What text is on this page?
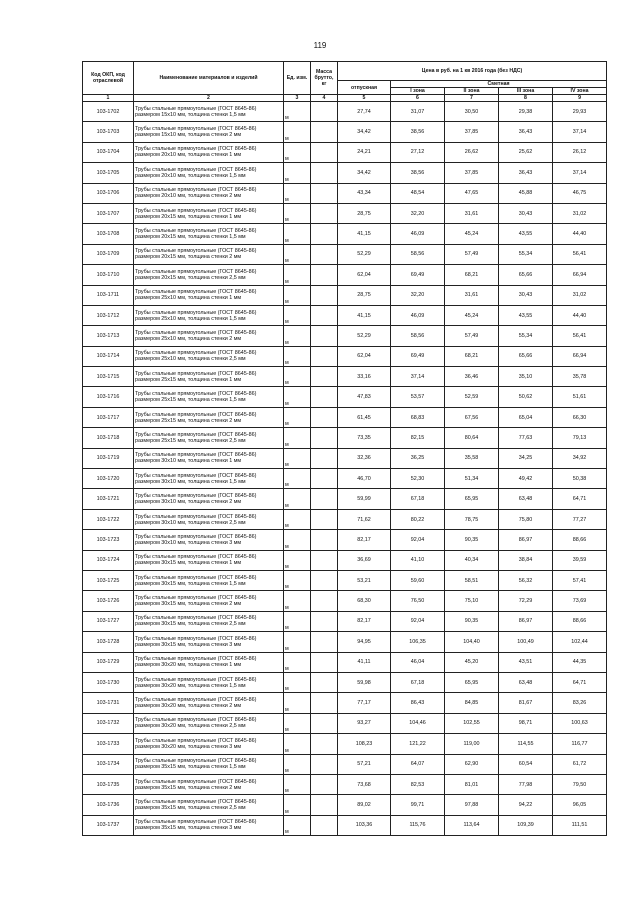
119
Код ОКП, код отраслевой	Наименование материалов и изделий	Ед. изм.	Масса брутто, кг	Цена в руб. на 1 кв 2016 года (без НДС)				
				отпускная	Сметная			
					I зона	II зона	III зона	IV зона
1	2	3	4	5	6	7	8	9
103-1702	Трубы стальные прямоугольные (ГОСТ 8645-86) размером 15х10 мм, толщина стенки 1,5 мм	м		27,74	31,07	30,50	29,38	29,93
103-1703	Трубы стальные прямоугольные (ГОСТ 8645-86) размером 15х10 мм, толщина стенки 2 мм	м		34,42	38,56	37,85	36,43	37,14
103-1704	Трубы стальные прямоугольные (ГОСТ 8645-86) размером 20х10 мм, толщина стенки 1 мм	м		24,21	27,12	26,62	25,62	26,12
103-1705	Трубы стальные прямоугольные (ГОСТ 8645-86) размером 20х10 мм, толщина стенки 1,5 мм	м		34,42	38,56	37,85	36,43	37,14
103-1706	Трубы стальные прямоугольные (ГОСТ 8645-86) размером 20х10 мм, толщина стенки 2 мм	м		43,34	48,54	47,65	45,88	46,75
103-1707	Трубы стальные прямоугольные (ГОСТ 8645-86) размером 20х15 мм, толщина стенки 1 мм	м		28,75	32,20	31,61	30,43	31,02
103-1708	Трубы стальные прямоугольные (ГОСТ 8645-86) размером 20х15 мм, толщина стенки 1,5 мм	м		41,15	46,09	45,24	43,55	44,40
103-1709	Трубы стальные прямоугольные (ГОСТ 8645-86) размером 20х15 мм, толщина стенки 2 мм	м		52,29	58,56	57,49	55,34	56,41
103-1710	Трубы стальные прямоугольные (ГОСТ 8645-86) размером 20х15 мм, толщина стенки 2,5 мм	м		62,04	69,49	68,21	65,66	66,94
103-1711	Трубы стальные прямоугольные (ГОСТ 8645-86) размером 25х10 мм, толщина стенки 1 мм	м		28,75	32,20	31,61	30,43	31,02
103-1712	Трубы стальные прямоугольные (ГОСТ 8645-86) размером 25х10 мм, толщина стенки 1,5 мм	м		41,15	46,09	45,24	43,55	44,40
103-1713	Трубы стальные прямоугольные (ГОСТ 8645-86) размером 25х10 мм, толщина стенки 2 мм	м		52,29	58,56	57,49	55,34	56,41
103-1714	Трубы стальные прямоугольные (ГОСТ 8645-86) размером 25х10 мм, толщина стенки 2,5 мм	м		62,04	69,49	68,21	65,66	66,94
103-1715	Трубы стальные прямоугольные (ГОСТ 8645-86) размером 25х15 мм, толщина стенки 1 мм	м		33,16	37,14	36,46	35,10	35,78
103-1716	Трубы стальные прямоугольные (ГОСТ 8645-86) размером 25х15 мм, толщина стенки 1,5 мм	м		47,83	53,57	52,59	50,62	51,61
103-1717	Трубы стальные прямоугольные (ГОСТ 8645-86) размером 25х15 мм, толщина стенки 2 мм	м		61,45	68,83	67,56	65,04	66,30
103-1718	Трубы стальные прямоугольные (ГОСТ 8645-86) размером 25х15 мм, толщина стенки 2,5 мм	м		73,35	82,15	80,64	77,63	79,13
103-1719	Трубы стальные прямоугольные (ГОСТ 8645-86) размером 30х10 мм, толщина стенки 1 мм	м		32,36	36,25	35,58	34,25	34,92
103-1720	Трубы стальные прямоугольные (ГОСТ 8645-86) размером 30х10 мм, толщина стенки 1,5 мм	м		46,70	52,30	51,34	49,42	50,38
103-1721	Трубы стальные прямоугольные (ГОСТ 8645-86) размером 30х10 мм, толщина стенки 2 мм	м		59,99	67,18	65,95	63,48	64,71
103-1722	Трубы стальные прямоугольные (ГОСТ 8645-86) размером 30х10 мм, толщина стенки 2,5 мм	м		71,62	80,22	78,75	75,80	77,27
103-1723	Трубы стальные прямоугольные (ГОСТ 8645-86) размером 30х10 мм, толщина стенки 3 мм	м		82,17	92,04	90,35	86,97	88,66
103-1724	Трубы стальные прямоугольные (ГОСТ 8645-86) размером 30х15 мм, толщина стенки 1 мм	м		36,69	41,10	40,34	38,84	39,59
103-1725	Трубы стальные прямоугольные (ГОСТ 8645-86) размером 30х15 мм, толщина стенки 1,5 мм	м		53,21	59,60	58,51	56,32	57,41
103-1726	Трубы стальные прямоугольные (ГОСТ 8645-86) размером 30х15 мм, толщина стенки 2 мм	м		68,30	76,50	75,10	72,29	73,69
103-1727	Трубы стальные прямоугольные (ГОСТ 8645-86) размером 30х15 мм, толщина стенки 2,5 мм	м		82,17	92,04	90,35	86,97	88,66
103-1728	Трубы стальные прямоугольные (ГОСТ 8645-86) размером 30х15 мм, толщина стенки 3 мм	м		94,95	106,35	104,40	100,49	102,44
103-1729	Трубы стальные прямоугольные (ГОСТ 8645-86) размером 30х20 мм, толщина стенки 1 мм	м		41,11	46,04	45,20	43,51	44,35
103-1730	Трубы стальные прямоугольные (ГОСТ 8645-86) размером 30х20 мм, толщина стенки 1,5 мм	м		59,98	67,18	65,95	63,48	64,71
103-1731	Трубы стальные прямоугольные (ГОСТ 8645-86) размером 30х20 мм, толщина стенки 2 мм	м		77,17	86,43	84,85	81,67	83,26
103-1732	Трубы стальные прямоугольные (ГОСТ 8645-86) размером 30х20 мм, толщина стенки 2,5 мм	м		93,27	104,46	102,55	98,71	100,63
103-1733	Трубы стальные прямоугольные (ГОСТ 8645-86) размером 30х20 мм, толщина стенки 3 мм	м		108,23	121,22	119,00	114,55	116,77
103-1734	Трубы стальные прямоугольные (ГОСТ 8645-86) размером 35х15 мм, толщина стенки 1,5 мм	м		57,21	64,07	62,90	60,54	61,72
103-1735	Трубы стальные прямоугольные (ГОСТ 8645-86) размером 35х15 мм, толщина стенки 2 мм	м		73,68	82,53	81,01	77,98	79,50
103-1736	Трубы стальные прямоугольные (ГОСТ 8645-86) размером 35х15 мм, толщина стенки 2,5 мм	м		89,02	99,71	97,88	94,22	96,05
103-1737	Трубы стальные прямоугольные (ГОСТ 8645-86) размером 35х15 мм, толщина стенки 3 мм	м		103,36	115,76	113,64	109,39	111,51
